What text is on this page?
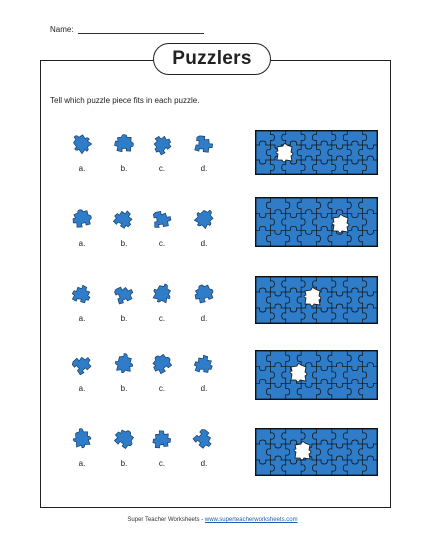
Name:
Puzzlers
Tell which puzzle piece fits in each puzzle.
a.	b.	c.	d.
a.	b.	c.	d.
a.	b.	c.	d.
a.	b.	c.	d.
a.	b.	c.	d.
Super Teacher Worksheets - www.superteacherworksheets.com
